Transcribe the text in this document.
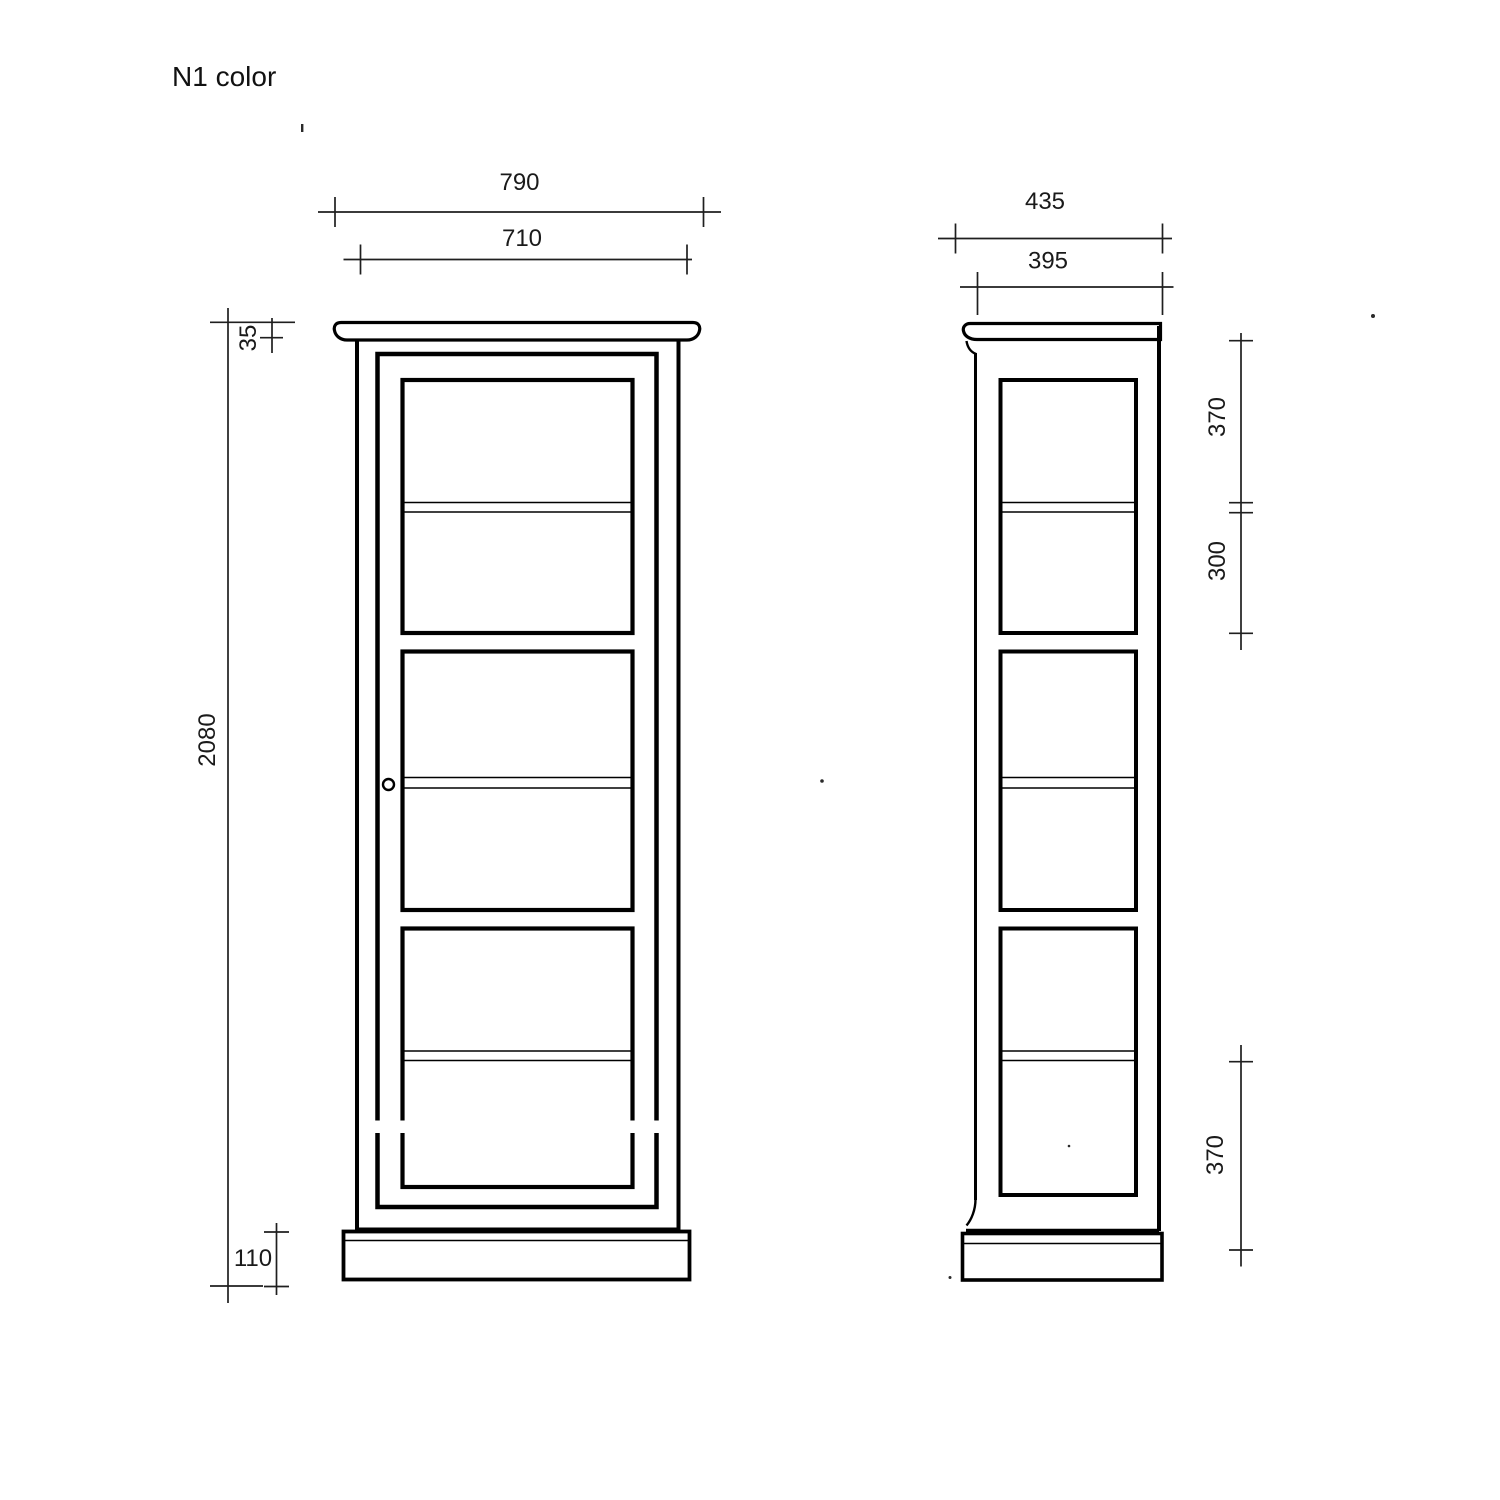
N1 color
790
710
435
395
2080
35
110
370
300
370
